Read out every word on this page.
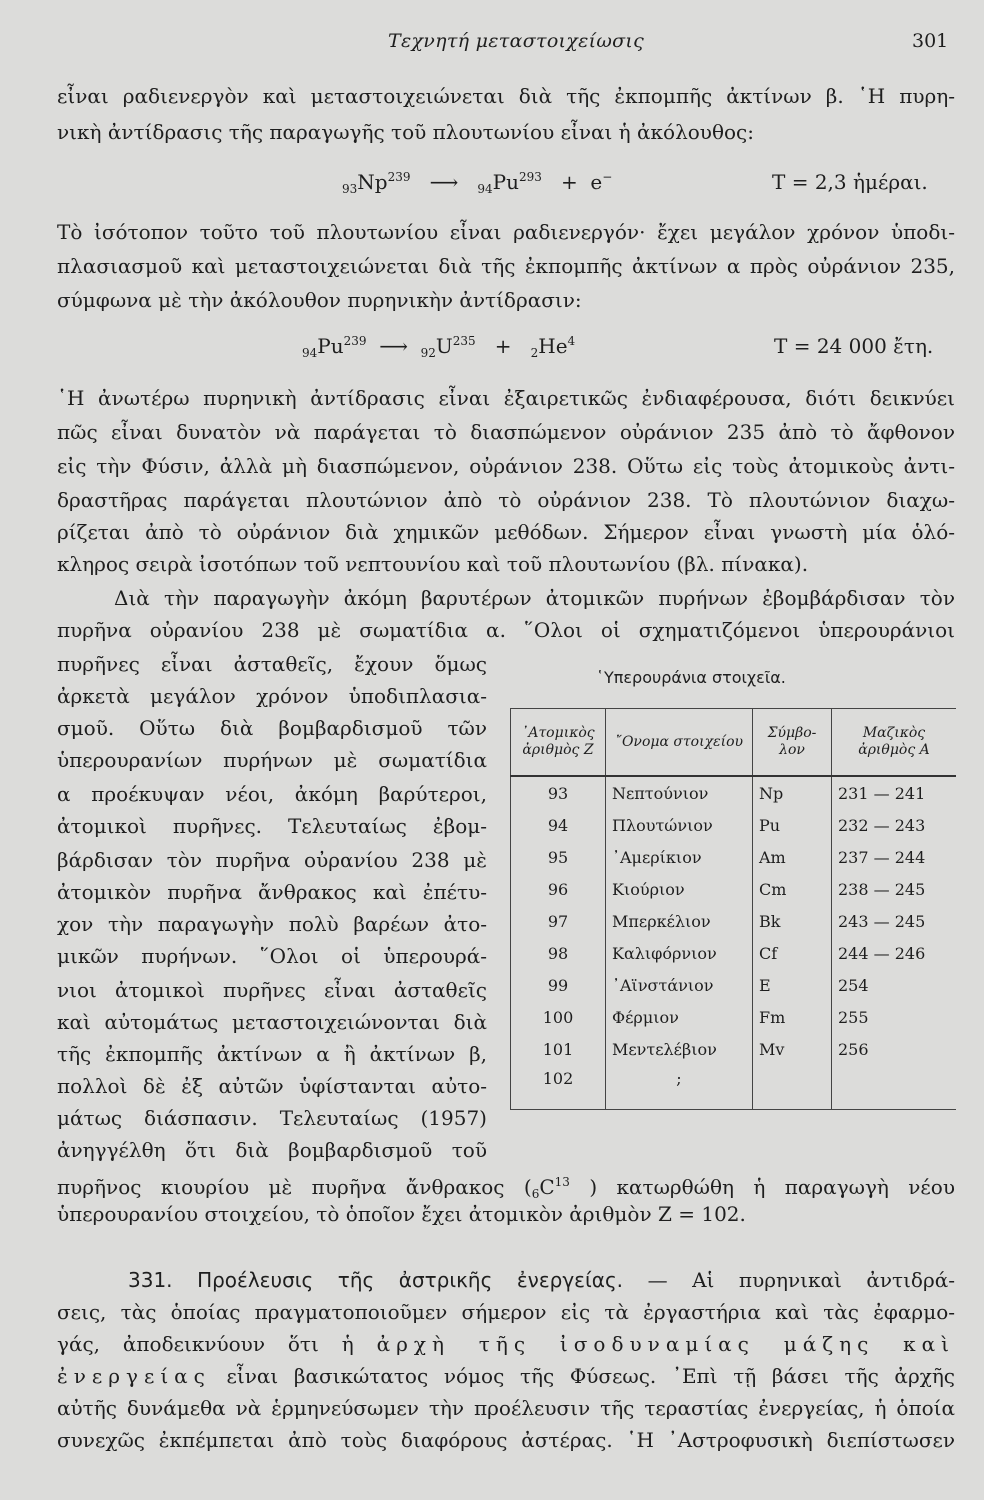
Τεχνητή μεταστοιχείωσις	301
εἶναι ραδιενεργὸν καὶ μεταστοιχειώνεται διὰ τῆς ἐκπομπῆς ἀκτίνων β. ῾Η πυρη-
νικὴ ἀντίδρασις τῆς παραγωγῆς τοῦ πλουτωνίου εἶναι ἡ ἀκόλουθος:
$_{93}Np^{239}$ ⟶ $_{94}Pu^{293} + e^-$	T = 2,3 ἡμέραι.
Τὸ ἰσότοπον τοῦτο τοῦ πλουτωνίου εἶναι ραδιενεργόν· ἔχει μεγάλον χρόνον ὑποδι-
πλασιασμοῦ καὶ μεταστοιχειώνεται διὰ τῆς ἐκπομπῆς ἀκτίνων α πρὸς οὐράνιον 235,
σύμφωνα μὲ τὴν ἀκόλουθον πυρηνικὴν ἀντίδρασιν:
$_{94}Pu^{239}$ ⟶ $_{92}U^{235} + _2He^4$	T = 24 000 ἔτη.
῾Η ἀνωτέρω πυρηνικὴ ἀντίδρασις εἶναι ἐξαιρετικῶς ἐνδιαφέρουσα, διότι δεικνύει
πῶς εἶναι δυνατὸν νὰ παράγεται τὸ διασπώμενον οὐράνιον 235 ἀπὸ τὸ ἄφθονον
εἰς τὴν Φύσιν, ἀλλὰ μὴ διασπώμενον, οὐράνιον 238. Οὕτω εἰς τοὺς ἀτομικοὺς ἀντι-
δραστῆρας παράγεται πλουτώνιον ἀπὸ τὸ οὐράνιον 238. Τὸ πλουτώνιον διαχω-
ρίζεται ἀπὸ τὸ οὐράνιον διὰ χημικῶν μεθόδων. Σήμερον εἶναι γνωστὴ μία ὁλό-
κληρος σειρὰ ἰσοτόπων τοῦ νεπτουνίου καὶ τοῦ πλουτωνίου (βλ. πίνακα).
Διὰ τὴν παραγωγὴν ἀκόμη βαρυτέρων ἀτομικῶν πυρήνων ἐβομβάρδισαν τὸν
πυρῆνα οὐρανίου 238 μὲ σωματίδια α. ῞Ολοι οἱ σχηματιζόμενοι ὑπερουράνιοι
πυρῆνες εἶναι ἀσταθεῖς, ἔχουν ὅμως
ἀρκετὰ μεγάλον χρόνον ὑποδιπλασια-
σμοῦ. Οὕτω διὰ βομβαρδισμοῦ τῶν
ὑπερουρανίων πυρήνων μὲ σωματίδια
α προέκυψαν νέοι, ἀκόμη βαρύτεροι,
ἀτομικοὶ πυρῆνες. Τελευταίως ἐβομ-
βάρδισαν τὸν πυρῆνα οὐρανίου 238 μὲ
ἀτομικὸν πυρῆνα ἄνθρακος καὶ ἐπέτυ-
χον τὴν παραγωγὴν πολὺ βαρέων ἀτο-
μικῶν πυρήνων. ῞Ολοι οἱ ὑπερουρά-
νιοι ἀτομικοὶ πυρῆνες εἶναι ἀσταθεῖς
καὶ αὐτομάτως μεταστοιχειώνονται διὰ
τῆς ἐκπομπῆς ἀκτίνων α ἢ ἀκτίνων β,
πολλοὶ δὲ ἐξ αὐτῶν ὑφίστανται αὐτο-
μάτως διάσπασιν. Τελευταίως (1957)
ἀνηγγέλθη ὅτι διὰ βομβαρδισμοῦ τοῦ
πυρῆνος κιουρίου μὲ πυρῆνα ἄνθρακος ($_6C^{13}$ ) κατωρθώθη ἡ παραγωγὴ νέου
ὑπερουρανίου στοιχείου, τὸ ὁποῖον ἔχει ἀτομικὸν ἀριθμὸν Z = 102.
῾Υπερουράνια στοιχεῖα.
᾿Ατομικὸς ἀριθμὸς Z	῎Ονομα στοιχείου	Σύμβο-λον	Μαζικὸς ἀριθμὸς A
93	Νεπτούνιον	Np	231 — 241
94	Πλουτώνιον	Pu	232 — 243
95	᾿Αμερίκιον	Am	237 — 244
96	Κιούριον	Cm	238 — 245
97	Μπερκέλιον	Bk	243 — 245
98	Καλιφόρνιον	Cf	244 — 246
99	᾿Αϊνστάνιον	E	254
100	Φέρμιον	Fm	255
101	Μεντελέβιον	Mv	256
102	;		
331. Προέλευσις τῆς ἀστρικῆς ἐνεργείας. — Αἱ πυρηνικαὶ ἀντιδρά-
σεις, τὰς ὁποίας πραγματοποιοῦμεν σήμερον εἰς τὰ ἐργαστήρια καὶ τὰς ἐφαρμο-
γάς, ἀποδεικνύουν ὅτι ἡ ἀρχὴ τῆς ἰσοδυναμίας μάζης καὶ
ἐνεργείας εἶναι βασικώτατος νόμος τῆς Φύσεως. ᾿Επὶ τῇ βάσει τῆς ἀρχῆς
αὐτῆς δυνάμεθα νὰ ἑρμηνεύσωμεν τὴν προέλευσιν τῆς τεραστίας ἐνεργείας, ἡ ὁποία
συνεχῶς ἐκπέμπεται ἀπὸ τοὺς διαφόρους ἀστέρας. ῾Η ᾿Αστροφυσικὴ διεπίστωσεν
